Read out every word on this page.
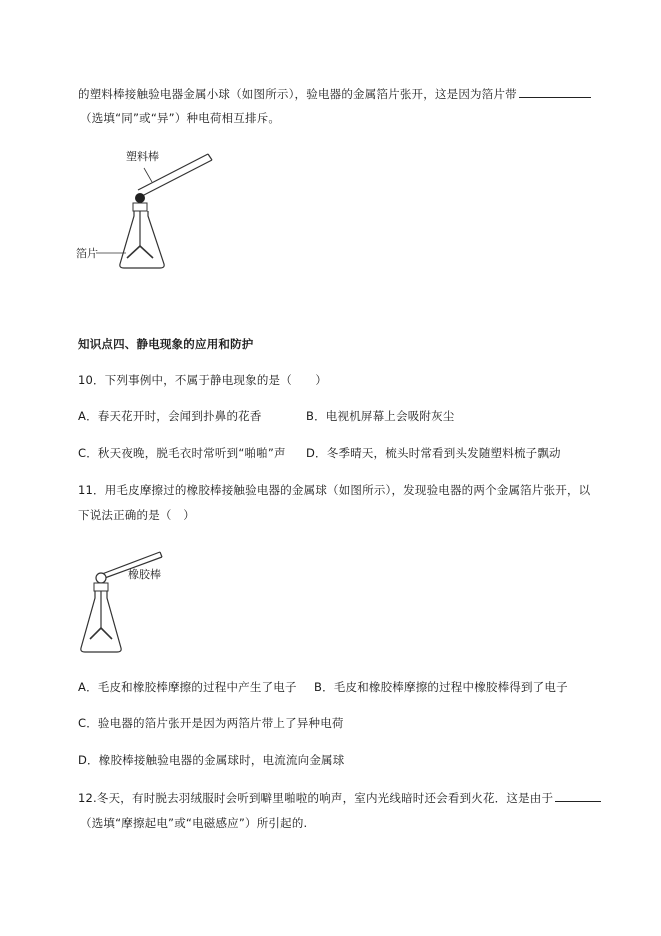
的塑料棒接触验电器金属小球（如图所示），验电器的金属箔片张开，这是因为箔片带
（选填“同”或“异”）种电荷相互排斥。
塑料棒
箔片
知识点四、静电现象的应用和防护
10．下列事例中，不属于静电现象的是（　　）
A．春天花开时，会闻到扑鼻的花香	B．电视机屏幕上会吸附灰尘
C．秋天夜晚，脱毛衣时常听到“啪啪”声 D．冬季晴天，梳头时常看到头发随塑料梳子飘动
11．用毛皮摩擦过的橡胶棒接触验电器的金属球（如图所示），发现验电器的两个金属箔片张开，以
下说法正确的是（　）
橡胶棒
A．毛皮和橡胶棒摩擦的过程中产生了电子 B．毛皮和橡胶棒摩擦的过程中橡胶棒得到了电子
C．验电器的箔片张开是因为两箔片带上了异种电荷
D．橡胶棒接触验电器的金属球时，电流流向金属球
12.冬天，有时脱去羽绒服时会听到噼里啪啦的响声，室内光线暗时还会看到火花．这是由于
（选填“摩擦起电”或“电磁感应”）所引起的.
